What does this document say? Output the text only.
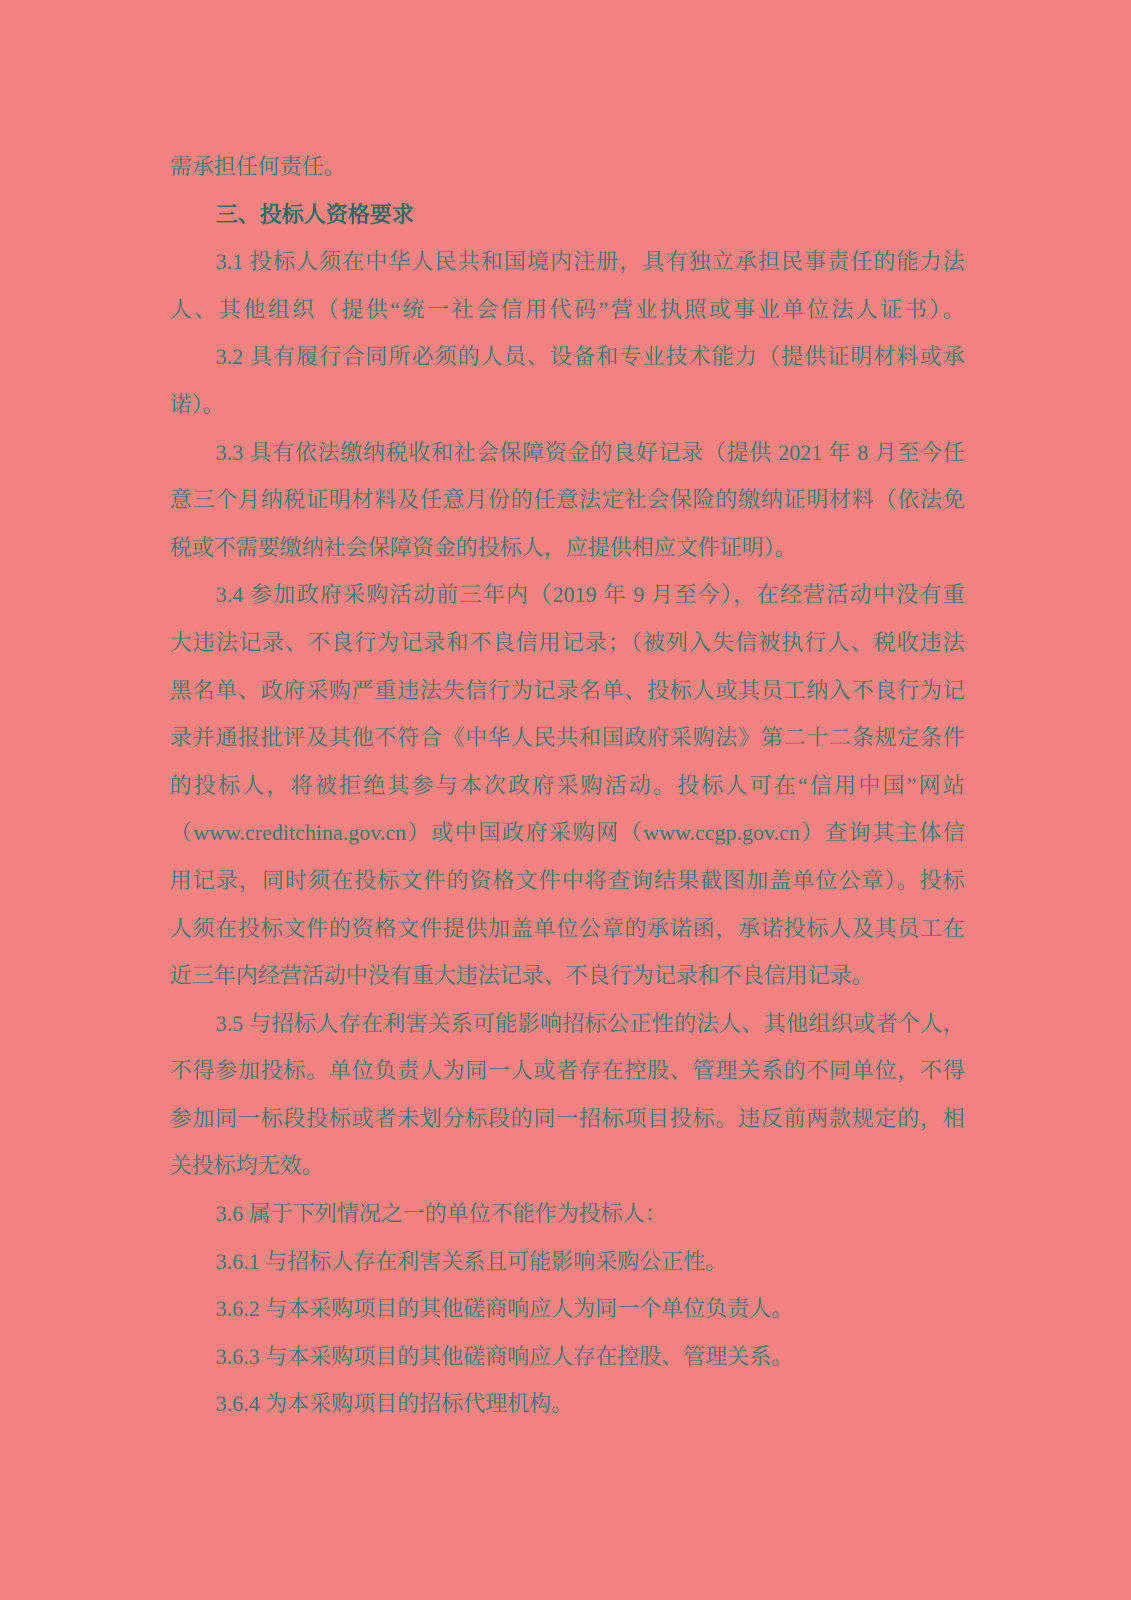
需承担任何责任。
三、投标人资格要求
3.1 投标人须在中华人民共和国境内注册，具有独立承担民事责任的能力法
人、其他组织（提供“统一社会信用代码”营业执照或事业单位法人证书）。
3.2 具有履行合同所必须的人员、设备和专业技术能力（提供证明材料或承
诺）。
3.3 具有依法缴纳税收和社会保障资金的良好记录（提供 2021 年 8 月至今任
意三个月纳税证明材料及任意月份的任意法定社会保险的缴纳证明材料（依法免
税或不需要缴纳社会保障资金的投标人，应提供相应文件证明）。
3.4 参加政府采购活动前三年内（2019 年 9 月至今），在经营活动中没有重
大违法记录、不良行为记录和不良信用记录；（被列入失信被执行人、税收违法
黑名单、政府采购严重违法失信行为记录名单、投标人或其员工纳入不良行为记
录并通报批评及其他不符合《中华人民共和国政府采购法》第二十二条规定条件
的投标人，将被拒绝其参与本次政府采购活动。投标人可在“信用中国”网站
（www.creditchina.gov.cn）或中国政府采购网（www.ccgp.gov.cn）查询其主体信
用记录，同时须在投标文件的资格文件中将查询结果截图加盖单位公章）。投标
人须在投标文件的资格文件提供加盖单位公章的承诺函，承诺投标人及其员工在
近三年内经营活动中没有重大违法记录、不良行为记录和不良信用记录。
3.5 与招标人存在利害关系可能影响招标公正性的法人、其他组织或者个人，
不得参加投标。单位负责人为同一人或者存在控股、管理关系的不同单位，不得
参加同一标段投标或者未划分标段的同一招标项目投标。违反前两款规定的，相
关投标均无效。
3.6 属于下列情况之一的单位不能作为投标人：
3.6.1 与招标人存在利害关系且可能影响采购公正性。
3.6.2 与本采购项目的其他磋商响应人为同一个单位负责人。
3.6.3 与本采购项目的其他磋商响应人存在控股、管理关系。
3.6.4 为本采购项目的招标代理机构。
